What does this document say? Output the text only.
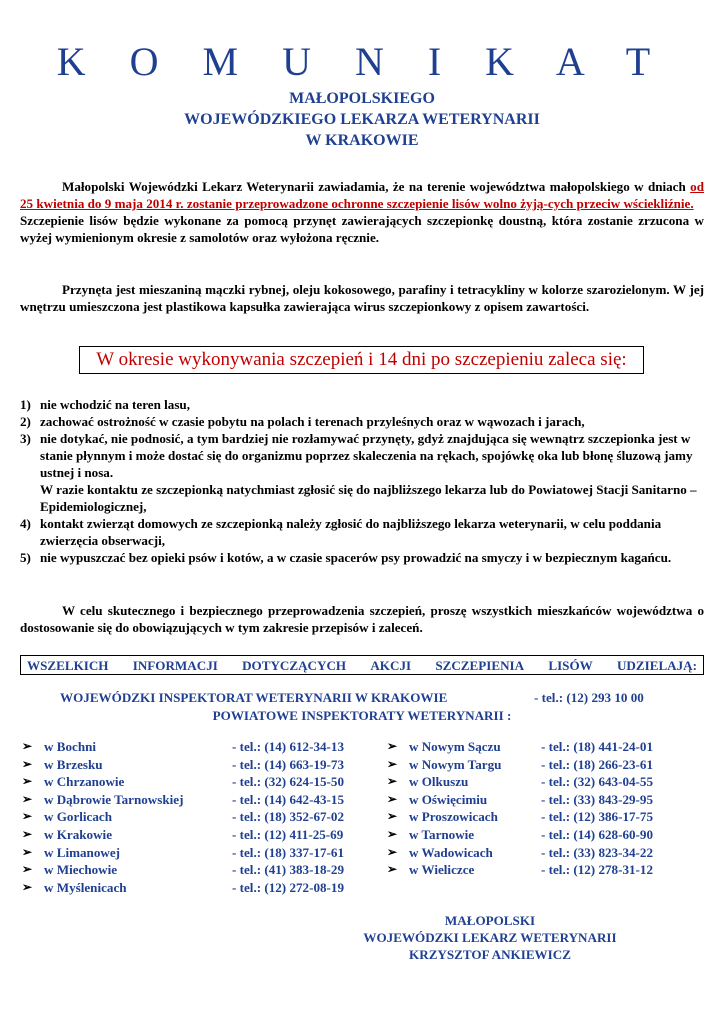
K O M U N I K A T
MAŁOPOLSKIEGO
WOJEWÓDZKIEGO LEKARZA WETERYNARII
W KRAKOWIE
Małopolski Wojewódzki Lekarz Weterynarii zawiadamia, że na terenie województwa małopolskiego w dniach od 25 kwietnia do 9 maja 2014 r. zostanie przeprowadzone ochronne szczepienie lisów wolno żyją-cych przeciw wściekliźnie.
Szczepienie lisów będzie wykonane za pomocą przynęt zawierających szczepionkę doustną, która zostanie zrzucona w wyżej wymienionym okresie z samolotów oraz wyłożona ręcznie.
Przynęta jest mieszaniną mączki rybnej, oleju kokosowego, parafiny i tetracykliny w kolorze szarozielonym. W jej wnętrzu umieszczona jest plastikowa kapsułka zawierająca wirus szczepionkowy z opisem zawartości.
W okresie wykonywania szczepień i 14 dni po szczepieniu zaleca się:
1) nie wchodzić na teren lasu,
2) zachować ostrożność w czasie pobytu na polach i terenach przyleśnych oraz w wąwozach i jarach,
3) nie dotykać, nie podnosić, a tym bardziej nie rozłamywać przynęty, gdyż znajdująca się wewnątrz szczepionka jest w stanie płynnym i może dostać się do organizmu poprzez skaleczenia na rękach, spojówkę oka lub błonę śluzową jamy ustnej i nosa.
W razie kontaktu ze szczepionką natychmiast zgłosić się do najbliższego lekarza lub do Powiatowej Stacji Sanitarno – Epidemiologicznej,
4) kontakt zwierząt domowych ze szczepionką należy zgłosić do najbliższego lekarza weterynarii, w celu poddania zwierzęcia obserwacji,
5) nie wypuszczać bez opieki psów i kotów, a w czasie spacerów psy prowadzić na smyczy i w bezpiecznym kagańcu.
W celu skutecznego i bezpiecznego przeprowadzenia szczepień, proszę wszystkich mieszkańców województwa o dostosowanie się do obowiązujących w tym zakresie przepisów i zaleceń.
WSZELKICH INFORMACJI DOTYCZĄCYCH AKCJI SZCZEPIENIA LISÓW UDZIELAJĄ:
WOJEWÓDZKI INSPEKTORAT WETERYNARII W KRAKOWIE	- tel.: (12) 293 10 00
POWIATOWE INSPEKTORATY WETERYNARII :
➢ w Bochni	- tel.: (14) 612-34-13
➢ w Brzesku	- tel.: (14) 663-19-73
➢ w Chrzanowie	- tel.: (32) 624-15-50
➢ w Dąbrowie Tarnowskiej	- tel.: (14) 642-43-15
➢ w Gorlicach	- tel.: (18) 352-67-02
➢ w Krakowie	- tel.: (12) 411-25-69
➢ w Limanowej	- tel.: (18) 337-17-61
➢ w Miechowie	- tel.: (41) 383-18-29
➢ w Myślenicach	- tel.: (12) 272-08-19
➢ w Nowym Sączu	- tel.: (18) 441-24-01
➢ w Nowym Targu	- tel.: (18) 266-23-61
➢ w Olkuszu	- tel.: (32) 643-04-55
➢ w Oświęcimiu	- tel.: (33) 843-29-95
➢ w Proszowicach	- tel.: (12) 386-17-75
➢ w Tarnowie	- tel.: (14) 628-60-90
➢ w Wadowicach	- tel.: (33) 823-34-22
➢ w Wieliczce	- tel.: (12) 278-31-12
MAŁOPOLSKI
WOJEWÓDZKI LEKARZ WETERYNARII
KRZYSZTOF ANKIEWICZ
